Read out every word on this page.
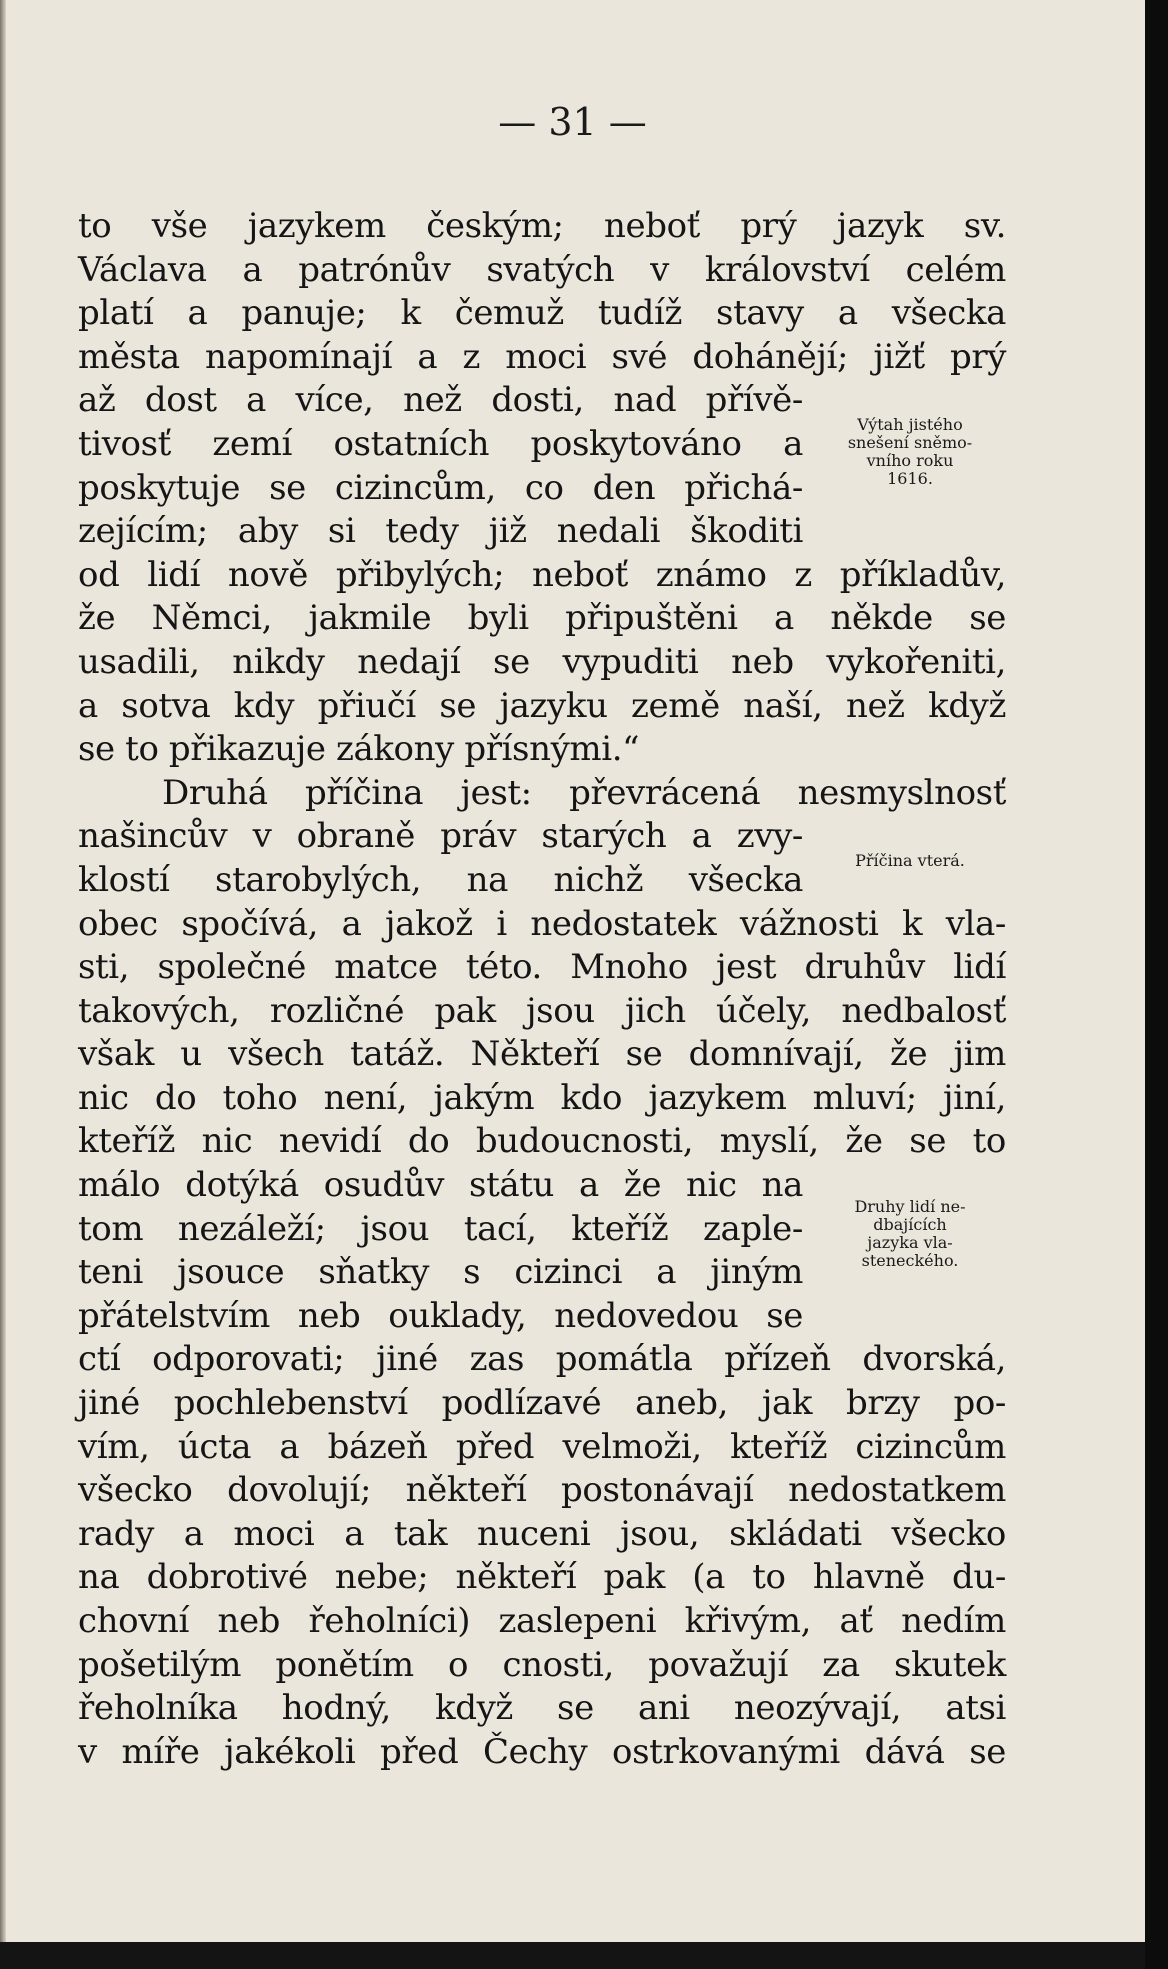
— 31 —
to vše jazykem českým; neboť prý jazyk sv.
Václava a patrónův svatých v království celém
platí a panuje; k čemuž tudíž stavy a všecka
města napomínají a z moci své dohánějí; jižť prý
až dost a více, než dosti, nad přívě-
tivosť zemí ostatních poskytováno a
poskytuje se cizincům, co den přichá-
zejícím; aby si tedy již nedali škoditi
od lidí nově přibylých; neboť známo z příkladův,
že Němci, jakmile byli připuštěni a někde se
usadili, nikdy nedají se vypuditi neb vykořeniti,
a sotva kdy přiučí se jazyku země naší, než když
se to přikazuje zákony přísnými.“
Druhá příčina jest: převrácená nesmyslnosť
našincův v obraně práv starých a zvy-
klostí starobylých, na nichž všecka
obec spočívá, a jakož i nedostatek vážnosti k vla-
sti, společné matce této. Mnoho jest druhův lidí
takových, rozličné pak jsou jich účely, nedbalosť
však u všech tatáž. Někteří se domnívají, že jim
nic do toho není, jakým kdo jazykem mluví; jiní,
kteříž nic nevidí do budoucnosti, myslí, že se to
málo dotýká osudův státu a že nic na
tom nezáleží; jsou tací, kteříž zaple-
teni jsouce sňatky s cizinci a jiným
přátelstvím neb ouklady, nedovedou se
ctí odporovati; jiné zas pomátla přízeň dvorská,
jiné pochlebenství podlízavé aneb, jak brzy po-
vím, úcta a bázeň před velmoži, kteříž cizincům
všecko dovolují; někteří postonávají nedostatkem
rady a moci a tak nuceni jsou, skládati všecko
na dobrotivé nebe; někteří pak (a to hlavně du-
chovní neb řeholníci) zaslepeni křivým, ať nedím
pošetilým ponětím o cnosti, považují za skutek
řeholníka hodný, když se ani neozývají, atsi
v míře jakékoli před Čechy ostrkovanými dává se
Výtah jistého
snešení sněmo-
vního roku
1616.
Příčina vterá.
Druhy lidí ne-
dbajících
jazyka vla-
steneckého.
